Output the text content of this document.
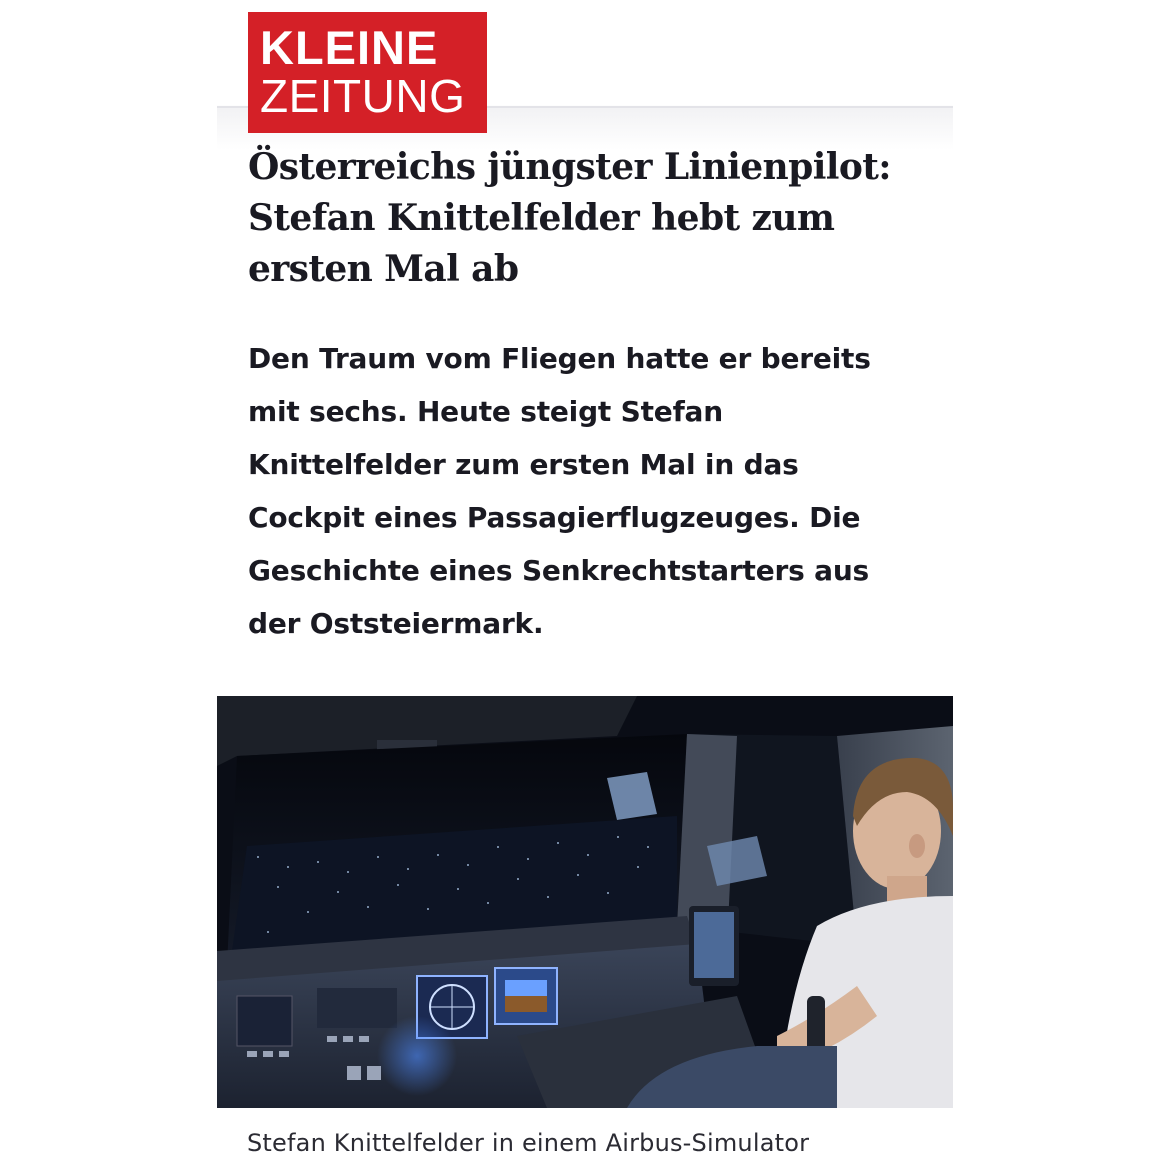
KLEINE
ZEITUNG
Österreichs jüngster Linienpilot: Stefan Knittelfelder hebt zum ersten Mal ab

Den Traum vom Fliegen hatte er bereits mit sechs. Heute steigt Stefan Knittelfelder zum ersten Mal in das Cockpit eines Passagierflugzeuges. Die Geschichte eines Senkrechtstarters aus der Oststeiermark.

Stefan Knittelfelder in einem Airbus-Simulator
